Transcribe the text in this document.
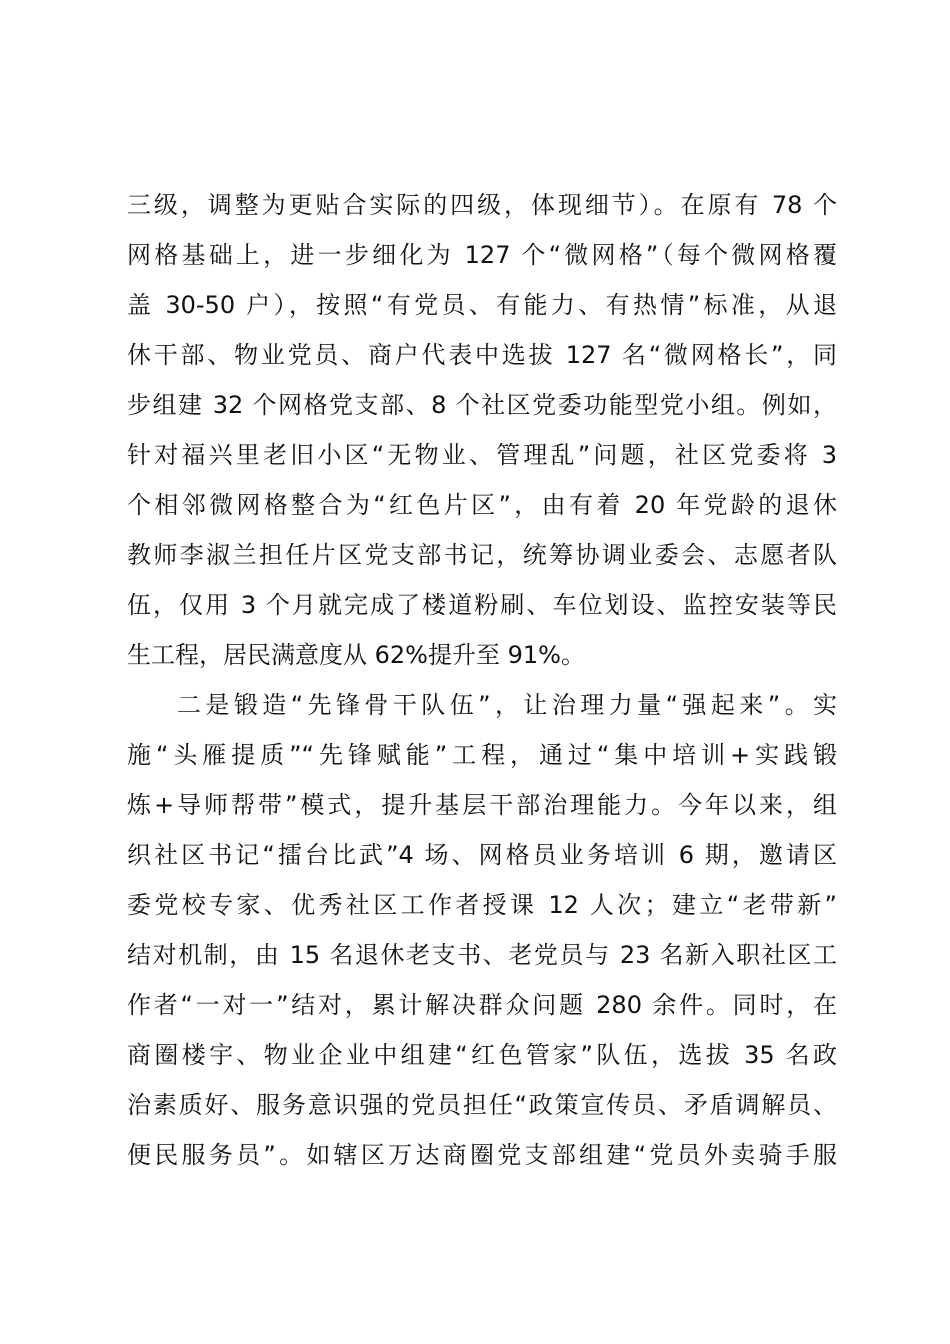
三级，调整为更贴合实际的四级，体现细节）。在原有 78 个
网格基础上，进一步细化为 127 个“微网格”（每个微网格覆
盖 30-50 户），按照“有党员、有能力、有热情”标准，从退
休干部、物业党员、商户代表中选拔 127 名“微网格长”，同
步组建 32 个网格党支部、8 个社区党委功能型党小组。例如，
针对福兴里老旧小区“无物业、管理乱”问题，社区党委将 3
个相邻微网格整合为“红色片区”，由有着 20 年党龄的退休
教师李淑兰担任片区党支部书记，统筹协调业委会、志愿者队
伍，仅用 3 个月就完成了楼道粉刷、车位划设、监控安装等民
生工程，居民满意度从 62%提升至 91%。
二是锻造“先锋骨干队伍”，让治理力量“强起来”。实
施“头雁提质”“先锋赋能”工程，通过“集中培训+实践锻
炼+导师帮带”模式，提升基层干部治理能力。今年以来，组
织社区书记“擂台比武”4 场、网格员业务培训 6 期，邀请区
委党校专家、优秀社区工作者授课 12 人次；建立“老带新”
结对机制，由 15 名退休老支书、老党员与 23 名新入职社区工
作者“一对一”结对，累计解决群众问题 280 余件。同时，在
商圈楼宇、物业企业中组建“红色管家”队伍，选拔 35 名政
治素质好、服务意识强的党员担任“政策宣传员、矛盾调解员、
便民服务员”。如辖区万达商圈党支部组建“党员外卖骑手服
